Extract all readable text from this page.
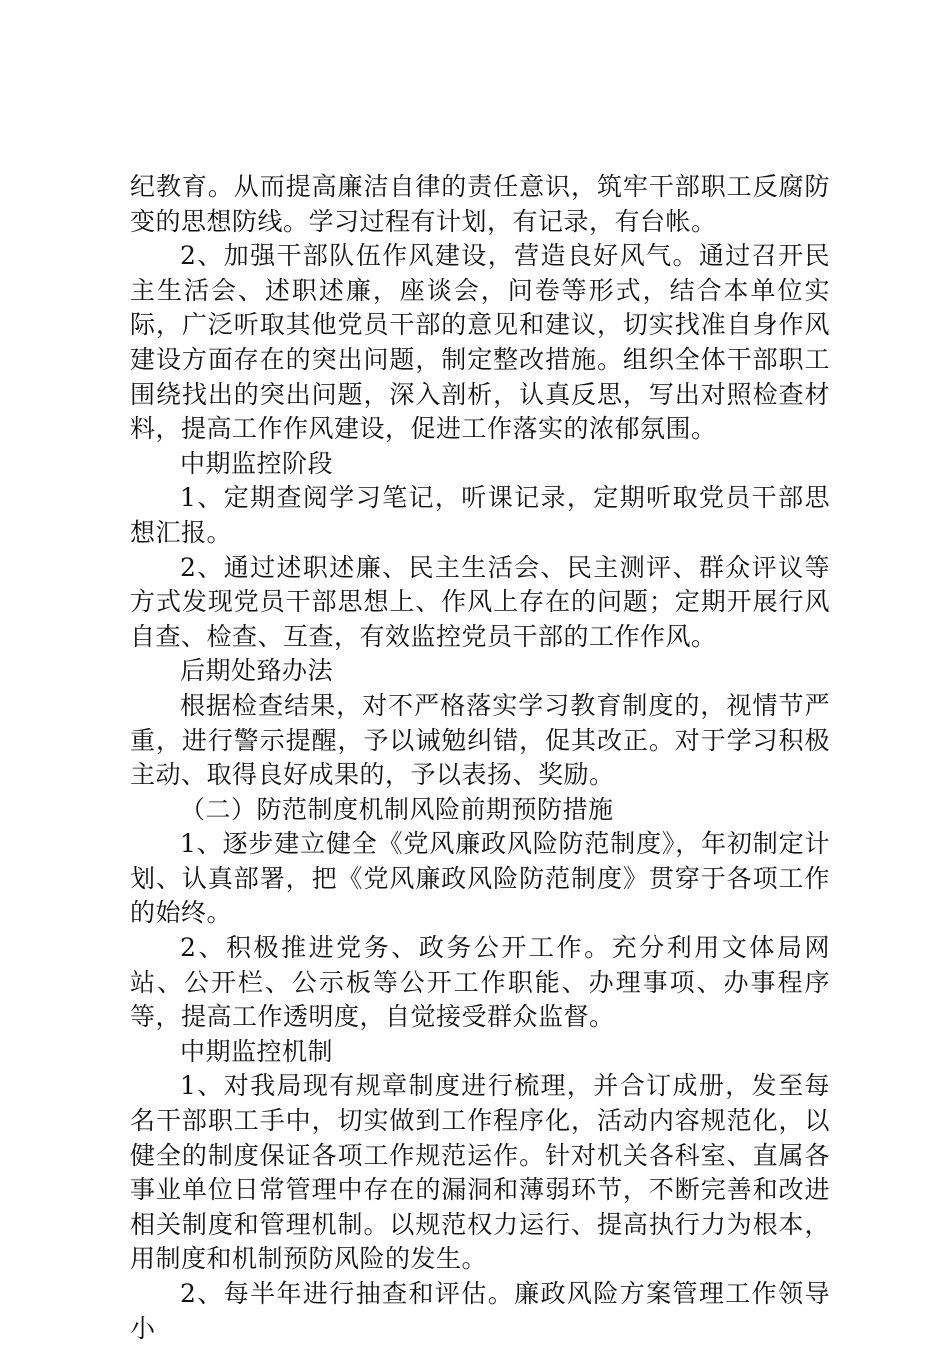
纪教育。从而提高廉洁自律的责任意识，筑牢干部职工反腐防变的思想防线。学习过程有计划，有记录，有台帐。

2、加强干部队伍作风建设，营造良好风气。通过召开民主生活会、述职述廉，座谈会，问卷等形式，结合本单位实际，广泛听取其他党员干部的意见和建议，切实找准自身作风建设方面存在的突出问题，制定整改措施。组织全体干部职工围绕找出的突出问题，深入剖析，认真反思，写出对照检查材料，提高工作作风建设，促进工作落实的浓郁氛围。

中期监控阶段

1、定期查阅学习笔记，听课记录，定期听取党员干部思想汇报。

2、通过述职述廉、民主生活会、民主测评、群众评议等方式发现党员干部思想上、作风上存在的问题；定期开展行风自查、检查、互查，有效监控党员干部的工作作风。

后期处臵办法

根据检查结果，对不严格落实学习教育制度的，视情节严重，进行警示提醒，予以诫勉纠错，促其改正。对于学习积极主动、取得良好成果的，予以表扬、奖励。

（二）防范制度机制风险前期预防措施

1、逐步建立健全《党风廉政风险防范制度》，年初制定计划、认真部署，把《党风廉政风险防范制度》贯穿于各项工作的始终。

2、积极推进党务、政务公开工作。充分利用文体局网站、公开栏、公示板等公开工作职能、办理事项、办事程序等，提高工作透明度，自觉接受群众监督。

中期监控机制

1、对我局现有规章制度进行梳理，并合订成册，发至每名干部职工手中，切实做到工作程序化，活动内容规范化，以健全的制度保证各项工作规范运作。针对机关各科室、直属各事业单位日常管理中存在的漏洞和薄弱环节，不断完善和改进相关制度和管理机制。以规范权力运行、提高执行力为根本，用制度和机制预防风险的发生。

2、每半年进行抽查和评估。廉政风险方案管理工作领导小
